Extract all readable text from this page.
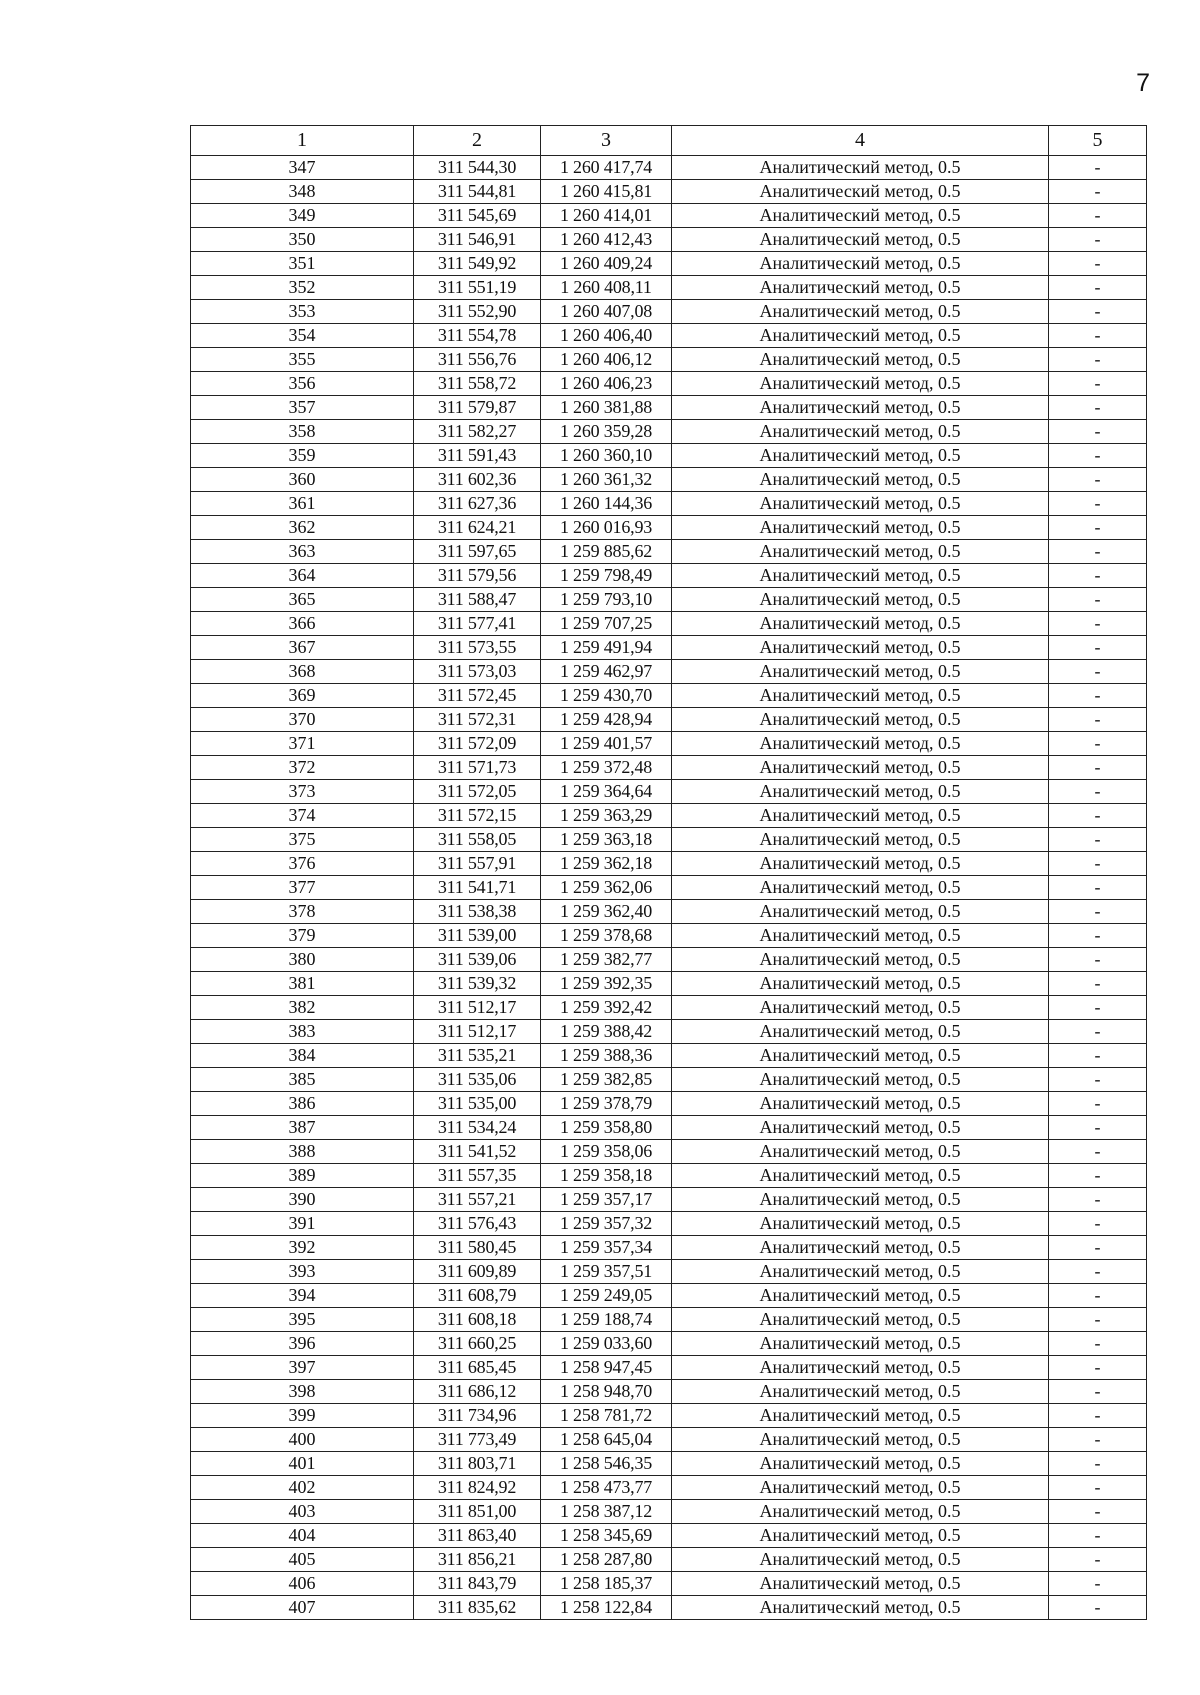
7
1	2	3	4	5
347	311 544,30	1 260 417,74	Аналитический метод, 0.5	-
348	311 544,81	1 260 415,81	Аналитический метод, 0.5	-
349	311 545,69	1 260 414,01	Аналитический метод, 0.5	-
350	311 546,91	1 260 412,43	Аналитический метод, 0.5	-
351	311 549,92	1 260 409,24	Аналитический метод, 0.5	-
352	311 551,19	1 260 408,11	Аналитический метод, 0.5	-
353	311 552,90	1 260 407,08	Аналитический метод, 0.5	-
354	311 554,78	1 260 406,40	Аналитический метод, 0.5	-
355	311 556,76	1 260 406,12	Аналитический метод, 0.5	-
356	311 558,72	1 260 406,23	Аналитический метод, 0.5	-
357	311 579,87	1 260 381,88	Аналитический метод, 0.5	-
358	311 582,27	1 260 359,28	Аналитический метод, 0.5	-
359	311 591,43	1 260 360,10	Аналитический метод, 0.5	-
360	311 602,36	1 260 361,32	Аналитический метод, 0.5	-
361	311 627,36	1 260 144,36	Аналитический метод, 0.5	-
362	311 624,21	1 260 016,93	Аналитический метод, 0.5	-
363	311 597,65	1 259 885,62	Аналитический метод, 0.5	-
364	311 579,56	1 259 798,49	Аналитический метод, 0.5	-
365	311 588,47	1 259 793,10	Аналитический метод, 0.5	-
366	311 577,41	1 259 707,25	Аналитический метод, 0.5	-
367	311 573,55	1 259 491,94	Аналитический метод, 0.5	-
368	311 573,03	1 259 462,97	Аналитический метод, 0.5	-
369	311 572,45	1 259 430,70	Аналитический метод, 0.5	-
370	311 572,31	1 259 428,94	Аналитический метод, 0.5	-
371	311 572,09	1 259 401,57	Аналитический метод, 0.5	-
372	311 571,73	1 259 372,48	Аналитический метод, 0.5	-
373	311 572,05	1 259 364,64	Аналитический метод, 0.5	-
374	311 572,15	1 259 363,29	Аналитический метод, 0.5	-
375	311 558,05	1 259 363,18	Аналитический метод, 0.5	-
376	311 557,91	1 259 362,18	Аналитический метод, 0.5	-
377	311 541,71	1 259 362,06	Аналитический метод, 0.5	-
378	311 538,38	1 259 362,40	Аналитический метод, 0.5	-
379	311 539,00	1 259 378,68	Аналитический метод, 0.5	-
380	311 539,06	1 259 382,77	Аналитический метод, 0.5	-
381	311 539,32	1 259 392,35	Аналитический метод, 0.5	-
382	311 512,17	1 259 392,42	Аналитический метод, 0.5	-
383	311 512,17	1 259 388,42	Аналитический метод, 0.5	-
384	311 535,21	1 259 388,36	Аналитический метод, 0.5	-
385	311 535,06	1 259 382,85	Аналитический метод, 0.5	-
386	311 535,00	1 259 378,79	Аналитический метод, 0.5	-
387	311 534,24	1 259 358,80	Аналитический метод, 0.5	-
388	311 541,52	1 259 358,06	Аналитический метод, 0.5	-
389	311 557,35	1 259 358,18	Аналитический метод, 0.5	-
390	311 557,21	1 259 357,17	Аналитический метод, 0.5	-
391	311 576,43	1 259 357,32	Аналитический метод, 0.5	-
392	311 580,45	1 259 357,34	Аналитический метод, 0.5	-
393	311 609,89	1 259 357,51	Аналитический метод, 0.5	-
394	311 608,79	1 259 249,05	Аналитический метод, 0.5	-
395	311 608,18	1 259 188,74	Аналитический метод, 0.5	-
396	311 660,25	1 259 033,60	Аналитический метод, 0.5	-
397	311 685,45	1 258 947,45	Аналитический метод, 0.5	-
398	311 686,12	1 258 948,70	Аналитический метод, 0.5	-
399	311 734,96	1 258 781,72	Аналитический метод, 0.5	-
400	311 773,49	1 258 645,04	Аналитический метод, 0.5	-
401	311 803,71	1 258 546,35	Аналитический метод, 0.5	-
402	311 824,92	1 258 473,77	Аналитический метод, 0.5	-
403	311 851,00	1 258 387,12	Аналитический метод, 0.5	-
404	311 863,40	1 258 345,69	Аналитический метод, 0.5	-
405	311 856,21	1 258 287,80	Аналитический метод, 0.5	-
406	311 843,79	1 258 185,37	Аналитический метод, 0.5	-
407	311 835,62	1 258 122,84	Аналитический метод, 0.5	-
